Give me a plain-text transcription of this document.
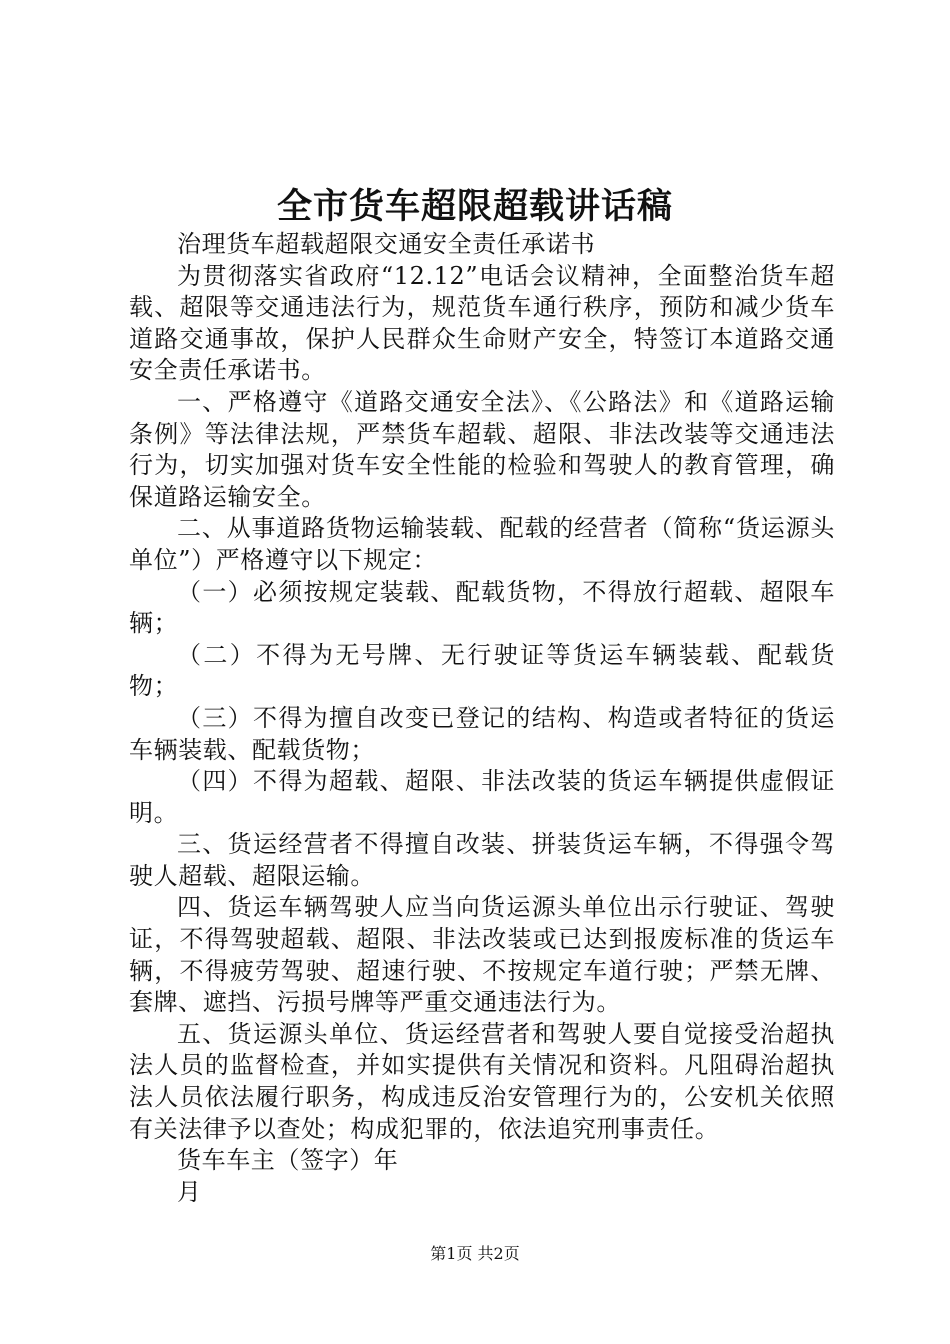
全市货车超限超载讲话稿

治理货车超载超限交通安全责任承诺书

为贯彻落实省政府“12.12”电话会议精神，全面整治货车超载、超限等交通违法行为，规范货车通行秩序，预防和减少货车道路交通事故，保护人民群众生命财产安全，特签订本道路交通安全责任承诺书。

一、严格遵守《道路交通安全法》、《公路法》和《道路运输条例》等法律法规，严禁货车超载、超限、非法改装等交通违法行为，切实加强对货车安全性能的检验和驾驶人的教育管理，确保道路运输安全。

二、从事道路货物运输装载、配载的经营者（简称“货运源头单位”）严格遵守以下规定：

（一）必须按规定装载、配载货物，不得放行超载、超限车辆；

（二）不得为无号牌、无行驶证等货运车辆装载、配载货物；

（三）不得为擅自改变已登记的结构、构造或者特征的货运车辆装载、配载货物；

（四）不得为超载、超限、非法改装的货运车辆提供虚假证明。

三、货运经营者不得擅自改装、拼装货运车辆，不得强令驾驶人超载、超限运输。

四、货运车辆驾驶人应当向货运源头单位出示行驶证、驾驶证，不得驾驶超载、超限、非法改装或已达到报废标准的货运车辆，不得疲劳驾驶、超速行驶、不按规定车道行驶；严禁无牌、套牌、遮挡、污损号牌等严重交通违法行为。

五、货运源头单位、货运经营者和驾驶人要自觉接受治超执法人员的监督检查，并如实提供有关情况和资料。凡阻碍治超执法人员依法履行职务，构成违反治安管理行为的，公安机关依照有关法律予以查处；构成犯罪的，依法追究刑事责任。

货车车主（签字）年

月

第1页 共2页
